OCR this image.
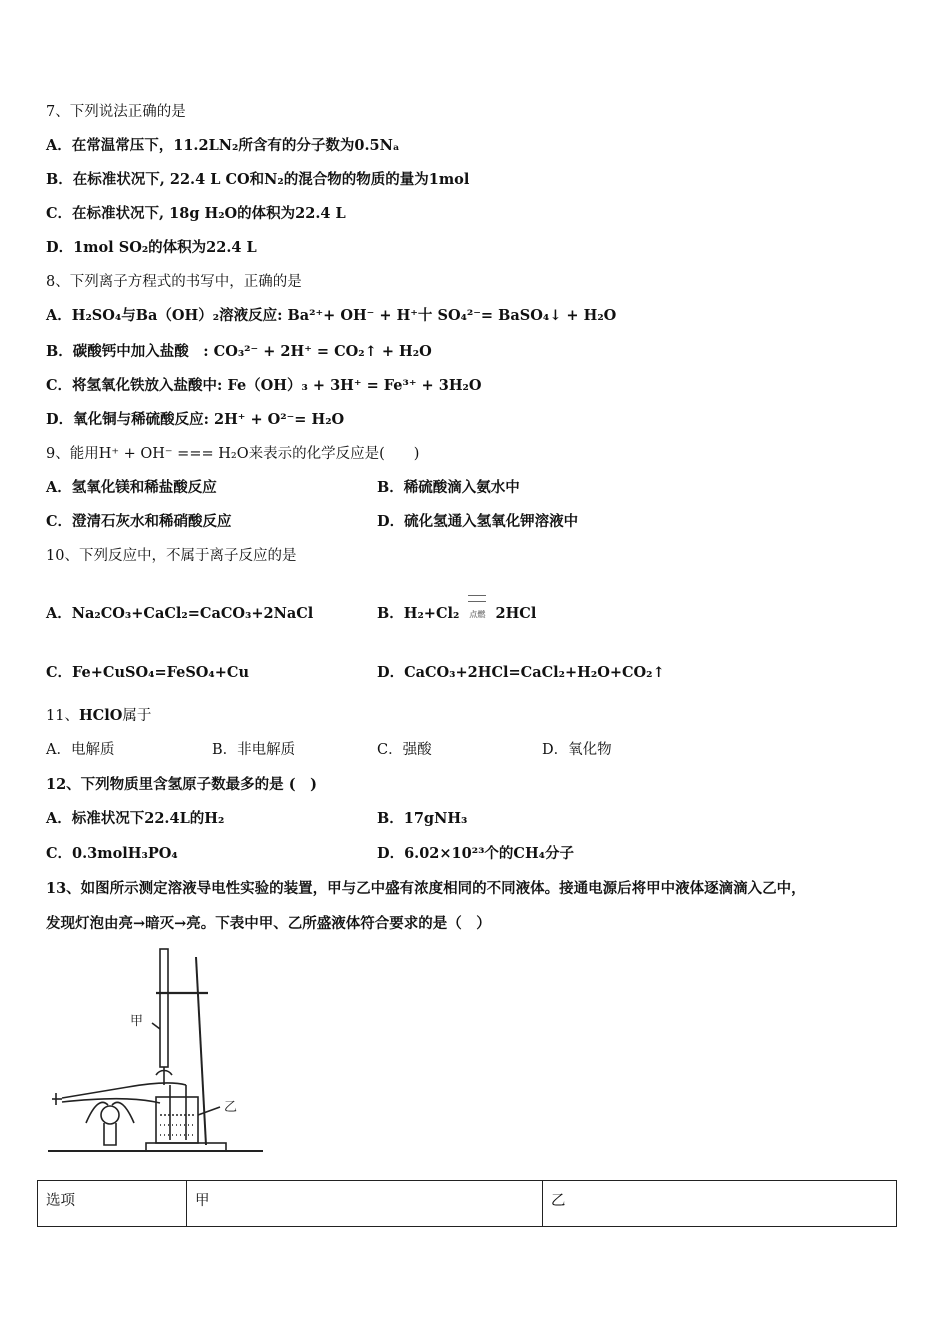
7、下列说法正确的是
A．在常温常压下，11.2LN₂所含有的分子数为0.5Nₐ
B．在标准状况下, 22.4 L CO和N₂的混合物的物质的量为1mol
C．在标准状况下, 18g H₂O的体积为22.4 L
D．1mol SO₂的体积为22.4 L
8、下列离子方程式的书写中，正确的是
A．H₂SO₄与Ba（OH）₂溶液反应: Ba²⁺+ OH⁻ + H⁺十 SO₄²⁻= BaSO₄↓ + H₂O
B．碳酸钙中加入盐酸　: CO₃²⁻ + 2H⁺ = CO₂↑ + H₂O
C．将氢氧化铁放入盐酸中: Fe（OH）₃ + 3H⁺ = Fe³⁺ + 3H₂O
D．氧化铜与稀硫酸反应: 2H⁺ + O²⁻= H₂O
9、能用H⁺ + OH⁻ === H₂O来表示的化学反应是(　　)
A．氢氧化镁和稀盐酸反应	B．稀硫酸滴入氨水中
C．澄清石灰水和稀硝酸反应	D．硫化氢通入氢氧化钾溶液中
10、下列反应中，不属于离子反应的是
A．Na₂CO₃+CaCl₂=CaCO₃+2NaCl	B．H₂+Cl₂ 点燃 2HCl
C．Fe+CuSO₄=FeSO₄+Cu	D．CaCO₃+2HCl=CaCl₂+H₂O+CO₂↑
11、HClO属于
A．电解质	B．非电解质	C．强酸	D．氧化物
12、下列物质里含氢原子数最多的是 (　)
A．标准状况下22.4L的H₂	B．17gNH₃
C．0.3molH₃PO₄	D．6.02×10²³个的CH₄分子
13、如图所示测定溶液导电性实验的装置，甲与乙中盛有浓度相同的不同液体。接通电源后将甲中液体逐滴滴入乙中，
发现灯泡由亮→暗灭→亮。下表中甲、乙所盛液体符合要求的是（　）
甲
乙
选项	甲	乙
